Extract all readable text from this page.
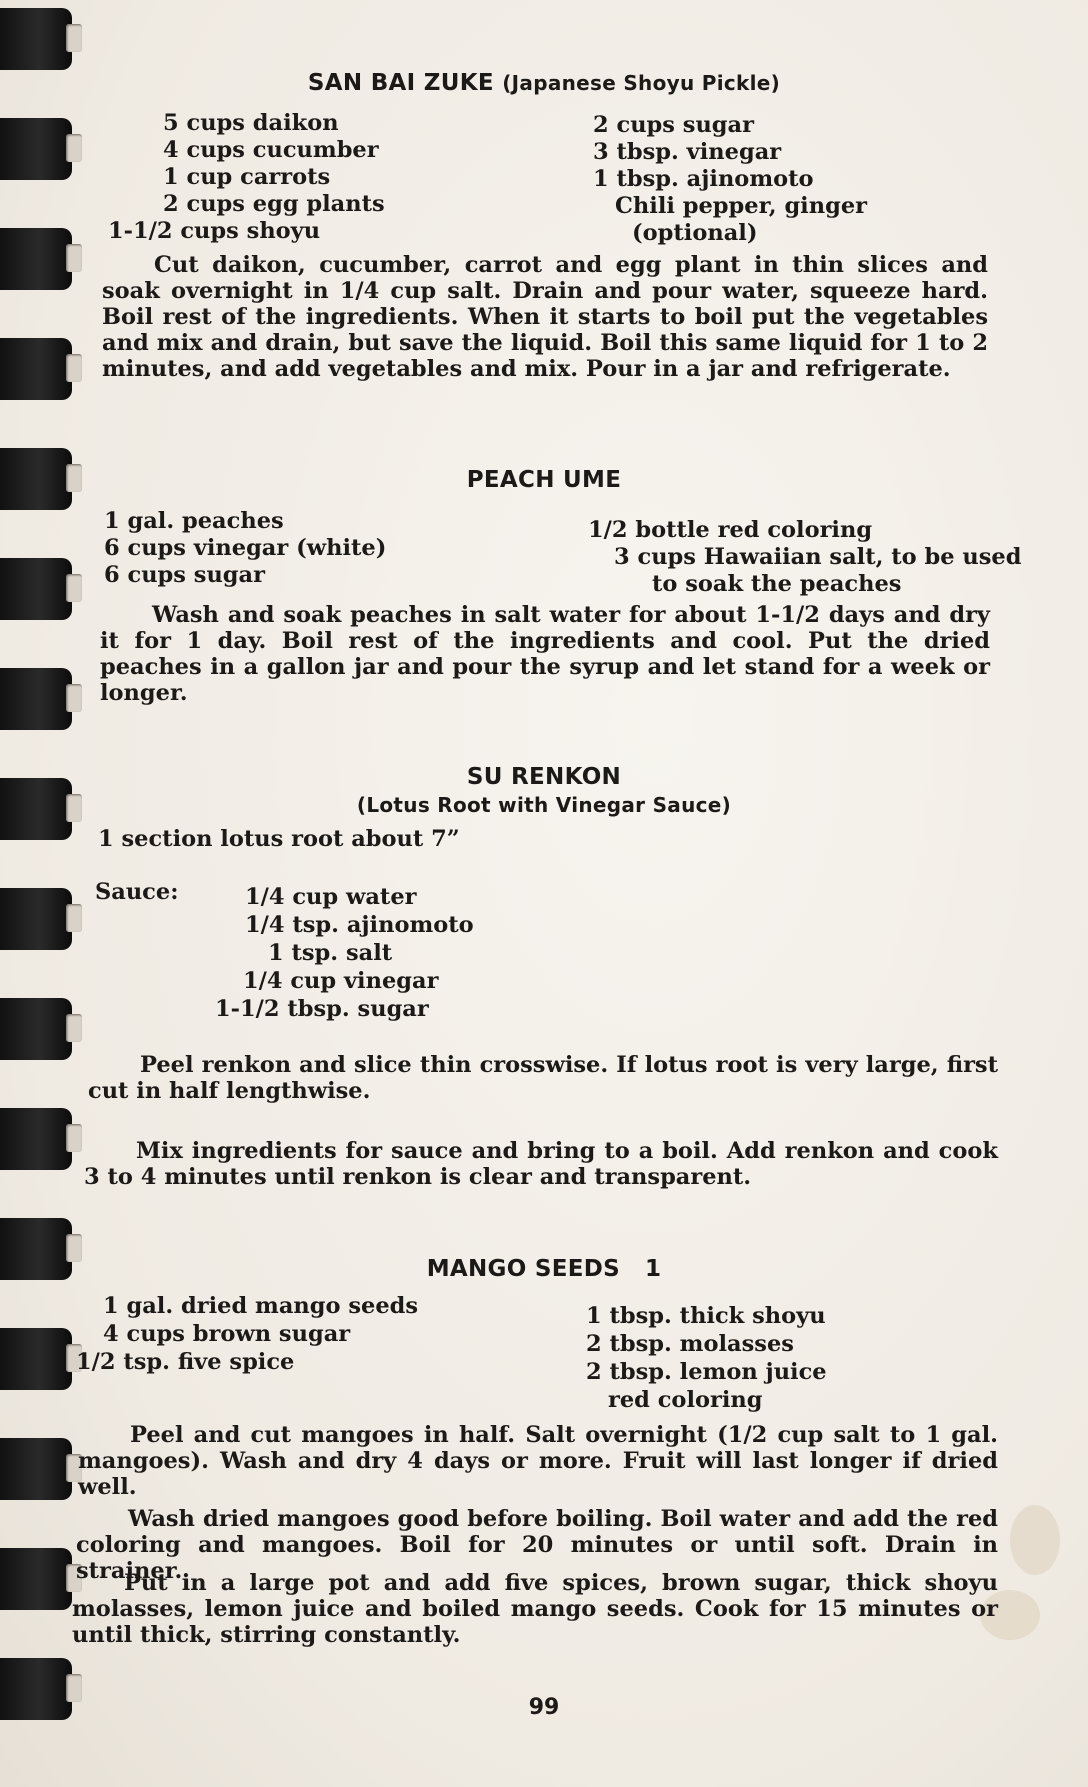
SAN BAI ZUKE (Japanese Shoyu Pickle)
5 cups daikon
4 cups cucumber
1 cup carrots
2 cups egg plants
1-1/2 cups shoyu
2 cups sugar
3 tbsp. vinegar
1 tbsp. ajinomoto
Chili pepper, ginger
(optional)

Cut daikon, cucumber, carrot and egg plant in thin slices and soak overnight in 1/4 cup salt. Drain and pour water, squeeze hard. Boil rest of the ingredients. When it starts to boil put the vegetables and mix and drain, but save the liquid. Boil this same liquid for 1 to 2 minutes, and add vegetables and mix. Pour in a jar and refrigerate.

PEACH UME
1 gal. peaches
6 cups vinegar (white)
6 cups sugar
1/2 bottle red coloring
3 cups Hawaiian salt, to be used
to soak the peaches

Wash and soak peaches in salt water for about 1-1/2 days and dry it for 1 day. Boil rest of the ingredients and cool. Put the dried peaches in a gallon jar and pour the syrup and let stand for a week or longer.

SU RENKON
(Lotus Root with Vinegar Sauce)
1 section lotus root about 7”
Sauce:	1/4 cup water
1/4 tsp. ajinomoto
1 tsp. salt
1/4 cup vinegar
1-1/2 tbsp. sugar

Peel renkon and slice thin crosswise. If lotus root is very large, first cut in half lengthwise.

Mix ingredients for sauce and bring to a boil. Add renkon and cook 3 to 4 minutes until renkon is clear and transparent.

MANGO SEEDS 1
1 gal. dried mango seeds
4 cups brown sugar
1/2 tsp. five spice
1 tbsp. thick shoyu
2 tbsp. molasses
2 tbsp. lemon juice
red coloring

Peel and cut mangoes in half. Salt overnight (1/2 cup salt to 1 gal. mangoes). Wash and dry 4 days or more. Fruit will last longer if dried well.

Wash dried mangoes good before boiling. Boil water and add the red coloring and mangoes. Boil for 20 minutes or until soft. Drain in strainer.

Put in a large pot and add five spices, brown sugar, thick shoyu molasses, lemon juice and boiled mango seeds. Cook for 15 minutes or until thick, stirring constantly.

99
